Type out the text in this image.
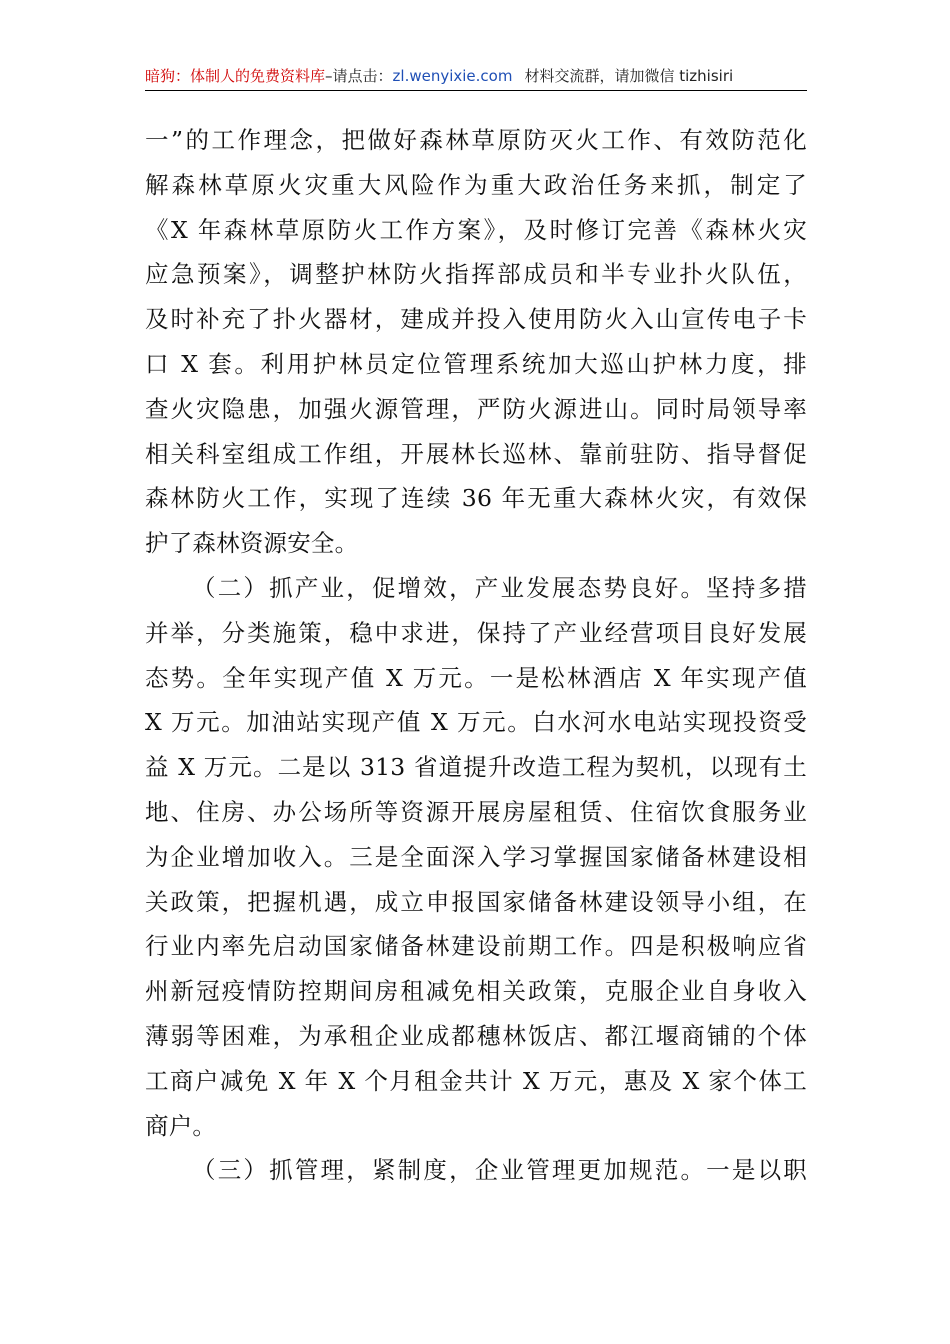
暗狗：体制人的免费资料库–请点击：zl.wenyixie.com 材料交流群，请加微信 tizhisiri
一”的工作理念，把做好森林草原防灭火工作、有效防范化
解森林草原火灾重大风险作为重大政治任务来抓，制定了
《X 年森林草原防火工作方案》，及时修订完善《森林火灾
应急预案》，调整护林防火指挥部成员和半专业扑火队伍，
及时补充了扑火器材，建成并投入使用防火入山宣传电子卡
口 X 套。利用护林员定位管理系统加大巡山护林力度，排
查火灾隐患，加强火源管理，严防火源进山。同时局领导率
相关科室组成工作组，开展林长巡林、靠前驻防、指导督促
森林防火工作，实现了连续 36 年无重大森林火灾，有效保
护了森林资源安全。
（二）抓产业，促增效，产业发展态势良好。坚持多措
并举，分类施策，稳中求进，保持了产业经营项目良好发展
态势。全年实现产值 X 万元。一是松林酒店 X 年实现产值
X 万元。加油站实现产值 X 万元。白水河水电站实现投资受
益 X 万元。二是以 313 省道提升改造工程为契机，以现有土
地、住房、办公场所等资源开展房屋租赁、住宿饮食服务业
为企业增加收入。三是全面深入学习掌握国家储备林建设相
关政策，把握机遇，成立申报国家储备林建设领导小组，在
行业内率先启动国家储备林建设前期工作。四是积极响应省
州新冠疫情防控期间房租减免相关政策，克服企业自身收入
薄弱等困难，为承租企业成都穗林饭店、都江堰商铺的个体
工商户减免 X 年 X 个月租金共计 X 万元，惠及 X 家个体工
商户。
（三）抓管理，紧制度，企业管理更加规范。一是以职
